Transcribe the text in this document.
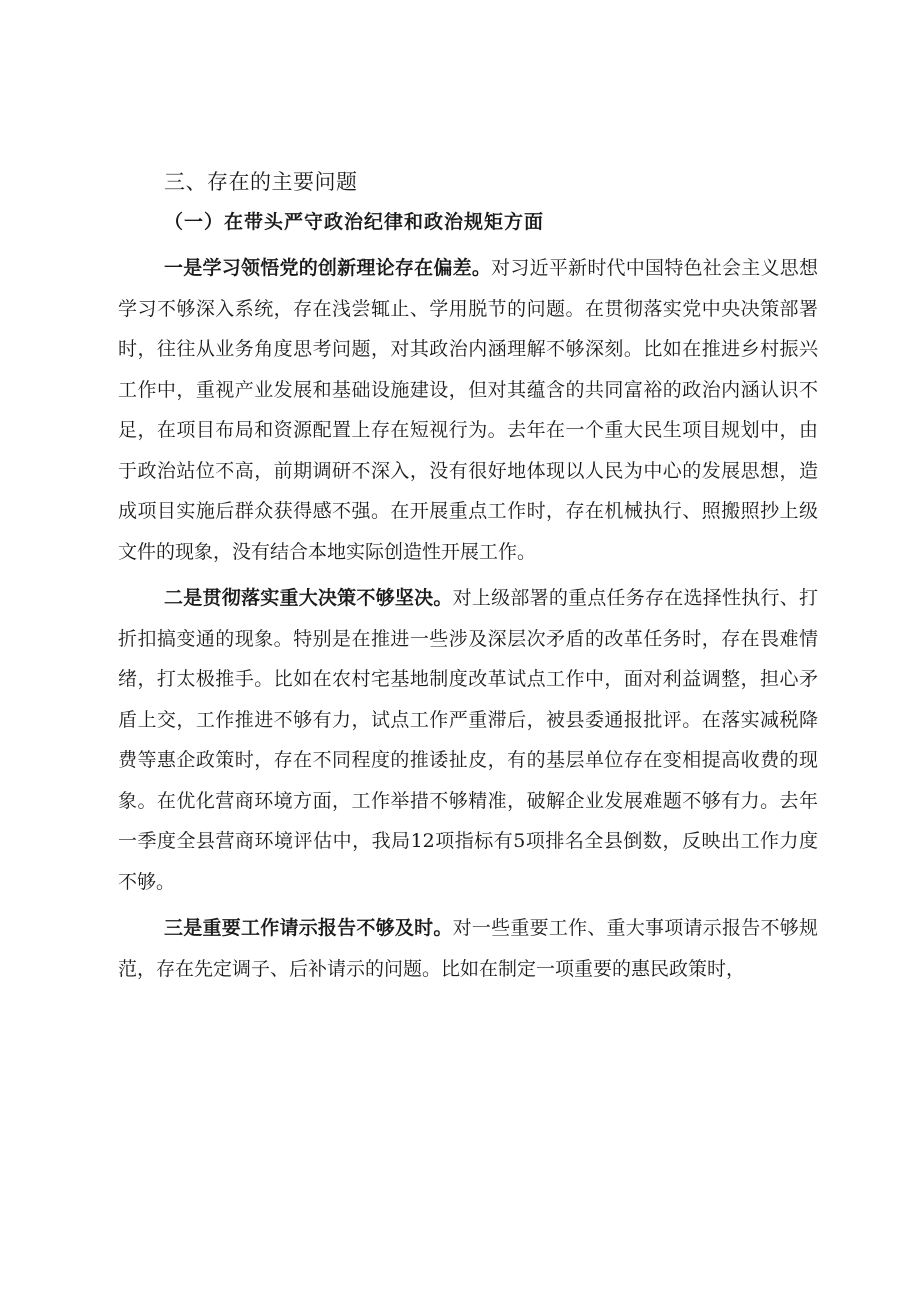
三、存在的主要问题
（一）在带头严守政治纪律和政治规矩方面

一是学习领悟党的创新理论存在偏差。对习近平新时代中国特色社会主义思想学习不够深入系统，存在浅尝辄止、学用脱节的问题。在贯彻落实党中央决策部署时，往往从业务角度思考问题，对其政治内涵理解不够深刻。比如在推进乡村振兴工作中，重视产业发展和基础设施建设，但对其蕴含的共同富裕的政治内涵认识不足，在项目布局和资源配置上存在短视行为。去年在一个重大民生项目规划中，由于政治站位不高，前期调研不深入，没有很好地体现以人民为中心的发展思想，造成项目实施后群众获得感不强。在开展重点工作时，存在机械执行、照搬照抄上级文件的现象，没有结合本地实际创造性开展工作。

二是贯彻落实重大决策不够坚决。对上级部署的重点任务存在选择性执行、打折扣搞变通的现象。特别是在推进一些涉及深层次矛盾的改革任务时，存在畏难情绪，打太极推手。比如在农村宅基地制度改革试点工作中，面对利益调整，担心矛盾上交，工作推进不够有力，试点工作严重滞后，被县委通报批评。在落实减税降费等惠企政策时，存在不同程度的推诿扯皮，有的基层单位存在变相提高收费的现象。在优化营商环境方面，工作举措不够精准，破解企业发展难题不够有力。去年一季度全县营商环境评估中，我局12项指标有5项排名全县倒数，反映出工作力度不够。

三是重要工作请示报告不够及时。对一些重要工作、重大事项请示报告不够规范，存在先定调子、后补请示的问题。比如在制定一项重要的惠民政策时，
